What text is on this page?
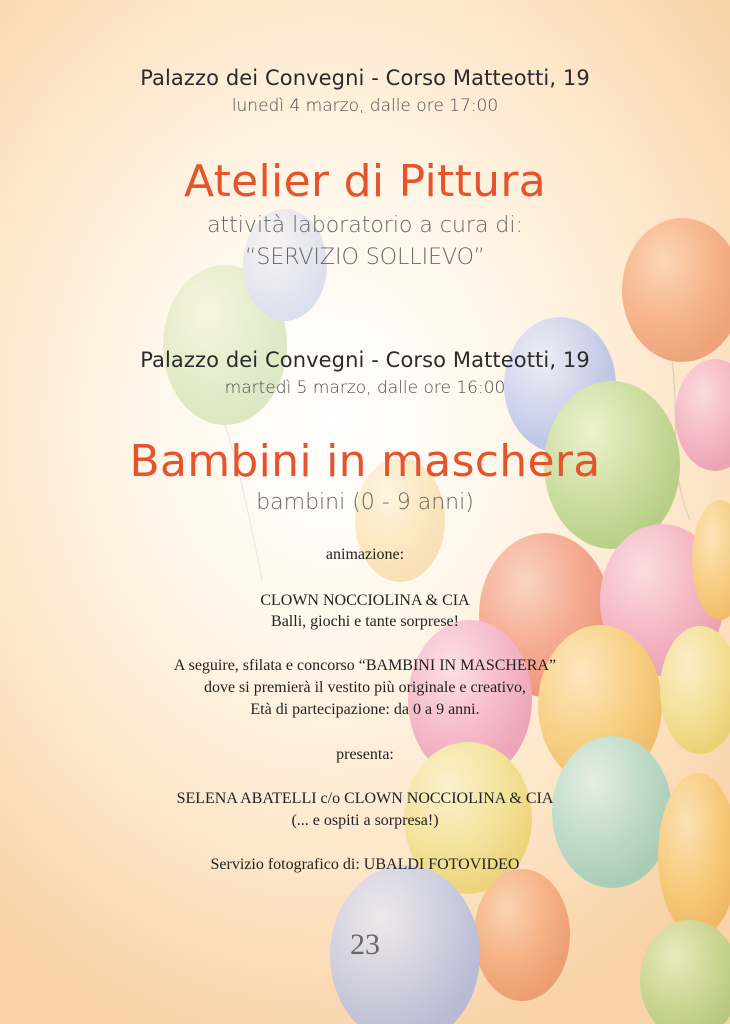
Palazzo dei Convegni - Corso Matteotti, 19

lunedì 4 marzo, dalle ore 17:00

Atelier di Pittura

attività laboratorio a cura di:

“SERVIZIO SOLLIEVO”

Palazzo dei Convegni - Corso Matteotti, 19

martedì 5 marzo, dalle ore 16:00

Bambini in maschera

bambini (0 - 9 anni)

animazione:

CLOWN NOCCIOLINA & CIA

Balli, giochi e tante sorprese!

A seguire, sfilata e concorso “BAMBINI IN MASCHERA”

dove si premierà il vestito più originale e creativo,

Età di partecipazione: da 0 a 9 anni.

presenta:

SELENA ABATELLI c/o CLOWN NOCCIOLINA & CIA

(... e ospiti a sorpresa!)

Servizio fotografico di: UBALDI FOTOVIDEO

23
